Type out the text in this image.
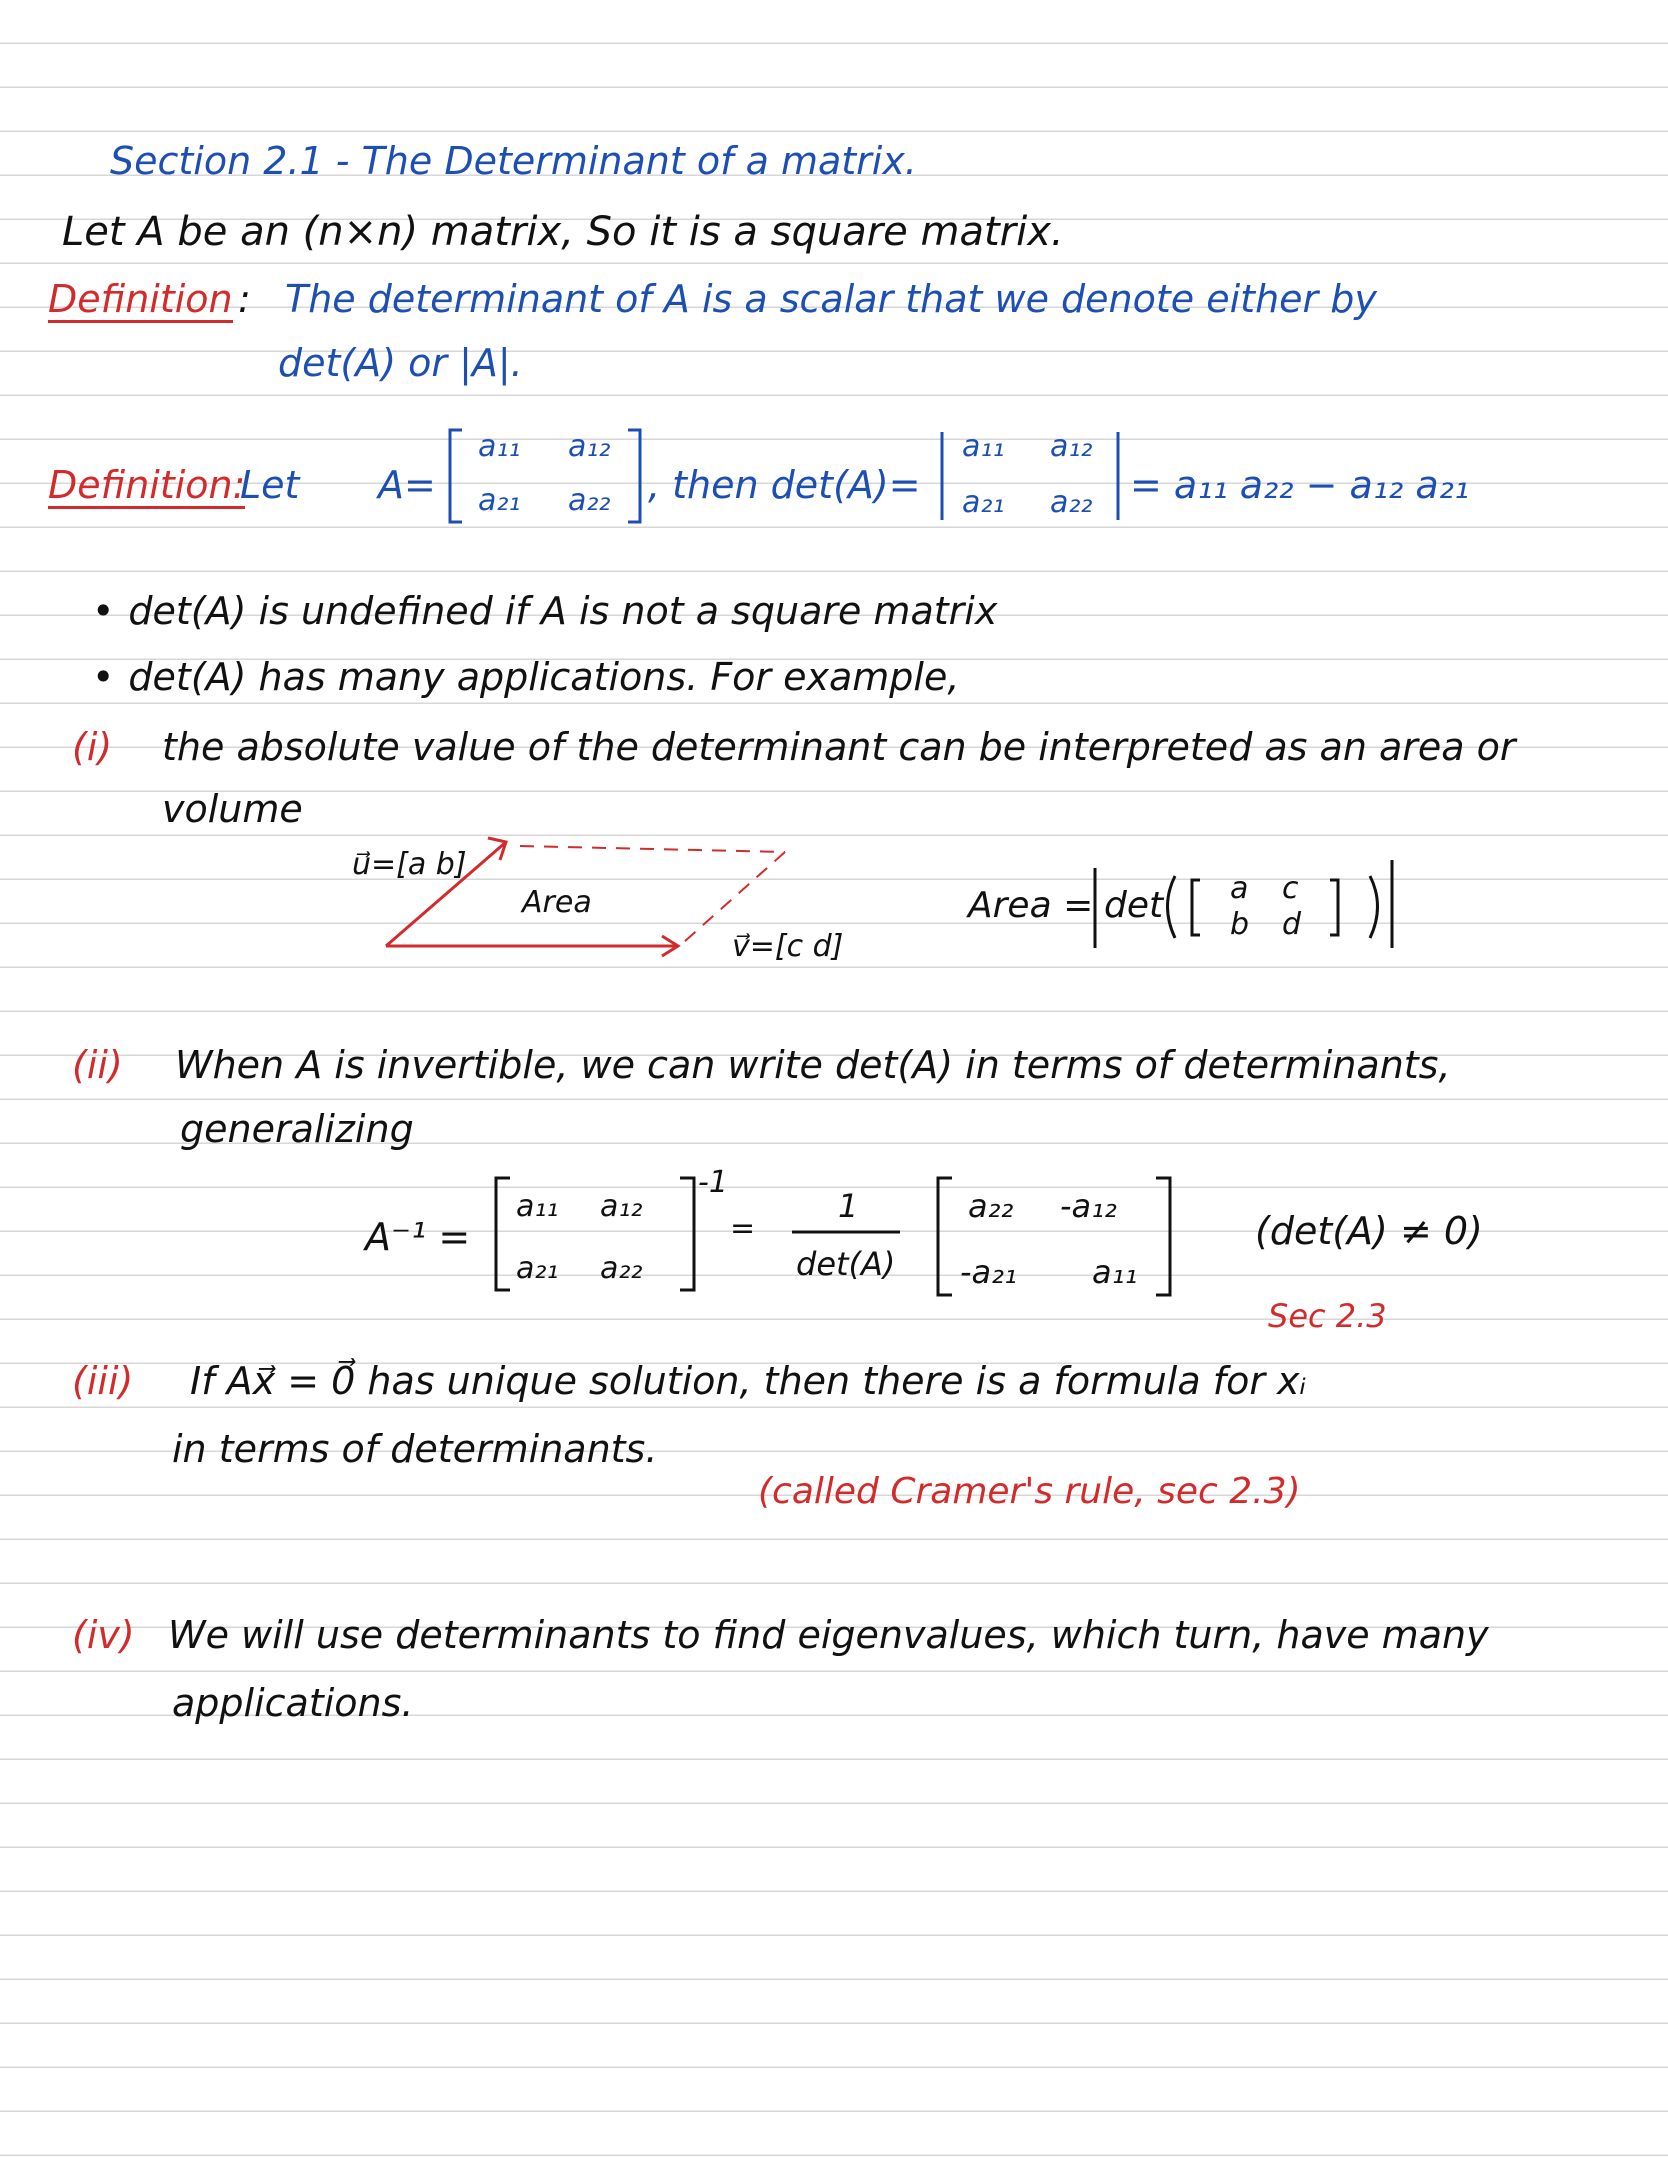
Section 2.1 - The Determinant of a matrix.
Let A be an (n×n) matrix, So it is a square matrix.
Definition : The determinant of A is a scalar that we denote either by
det(A) or |A|.
Definition:
Let A=
a₁₁ a₁₂
a₂₁ a₂₂ , then det(A)=
a₁₁ a₁₂
a₂₁ a₂₂ = a₁₁ a₂₂ − a₁₂ a₂₁
• det(A) is undefined if A is not a square matrix
• det(A) has many applications. For example,
(i) the absolute value of the determinant can be interpreted as an area or
volume
u⃗=[a b]
Area
v⃗=[c d]
Area = det a c
b d
(ii) When A is invertible, we can write det(A) in terms of determinants,
generalizing
A⁻¹ =
a₁₁ a₁₂
a₂₁ a₂₂
-1
=
1
det(A)
a₂₂ -a₁₂
-a₂₁ a₁₁
(det(A) ≠ 0)
Sec 2.3
(iii) If Ax⃗ = 0⃗ has unique solution, then there is a formula for xᵢ
in terms of determinants.
(called Cramer's rule, sec 2.3)
(iv) We will use determinants to find eigenvalues, which turn, have many
applications.
